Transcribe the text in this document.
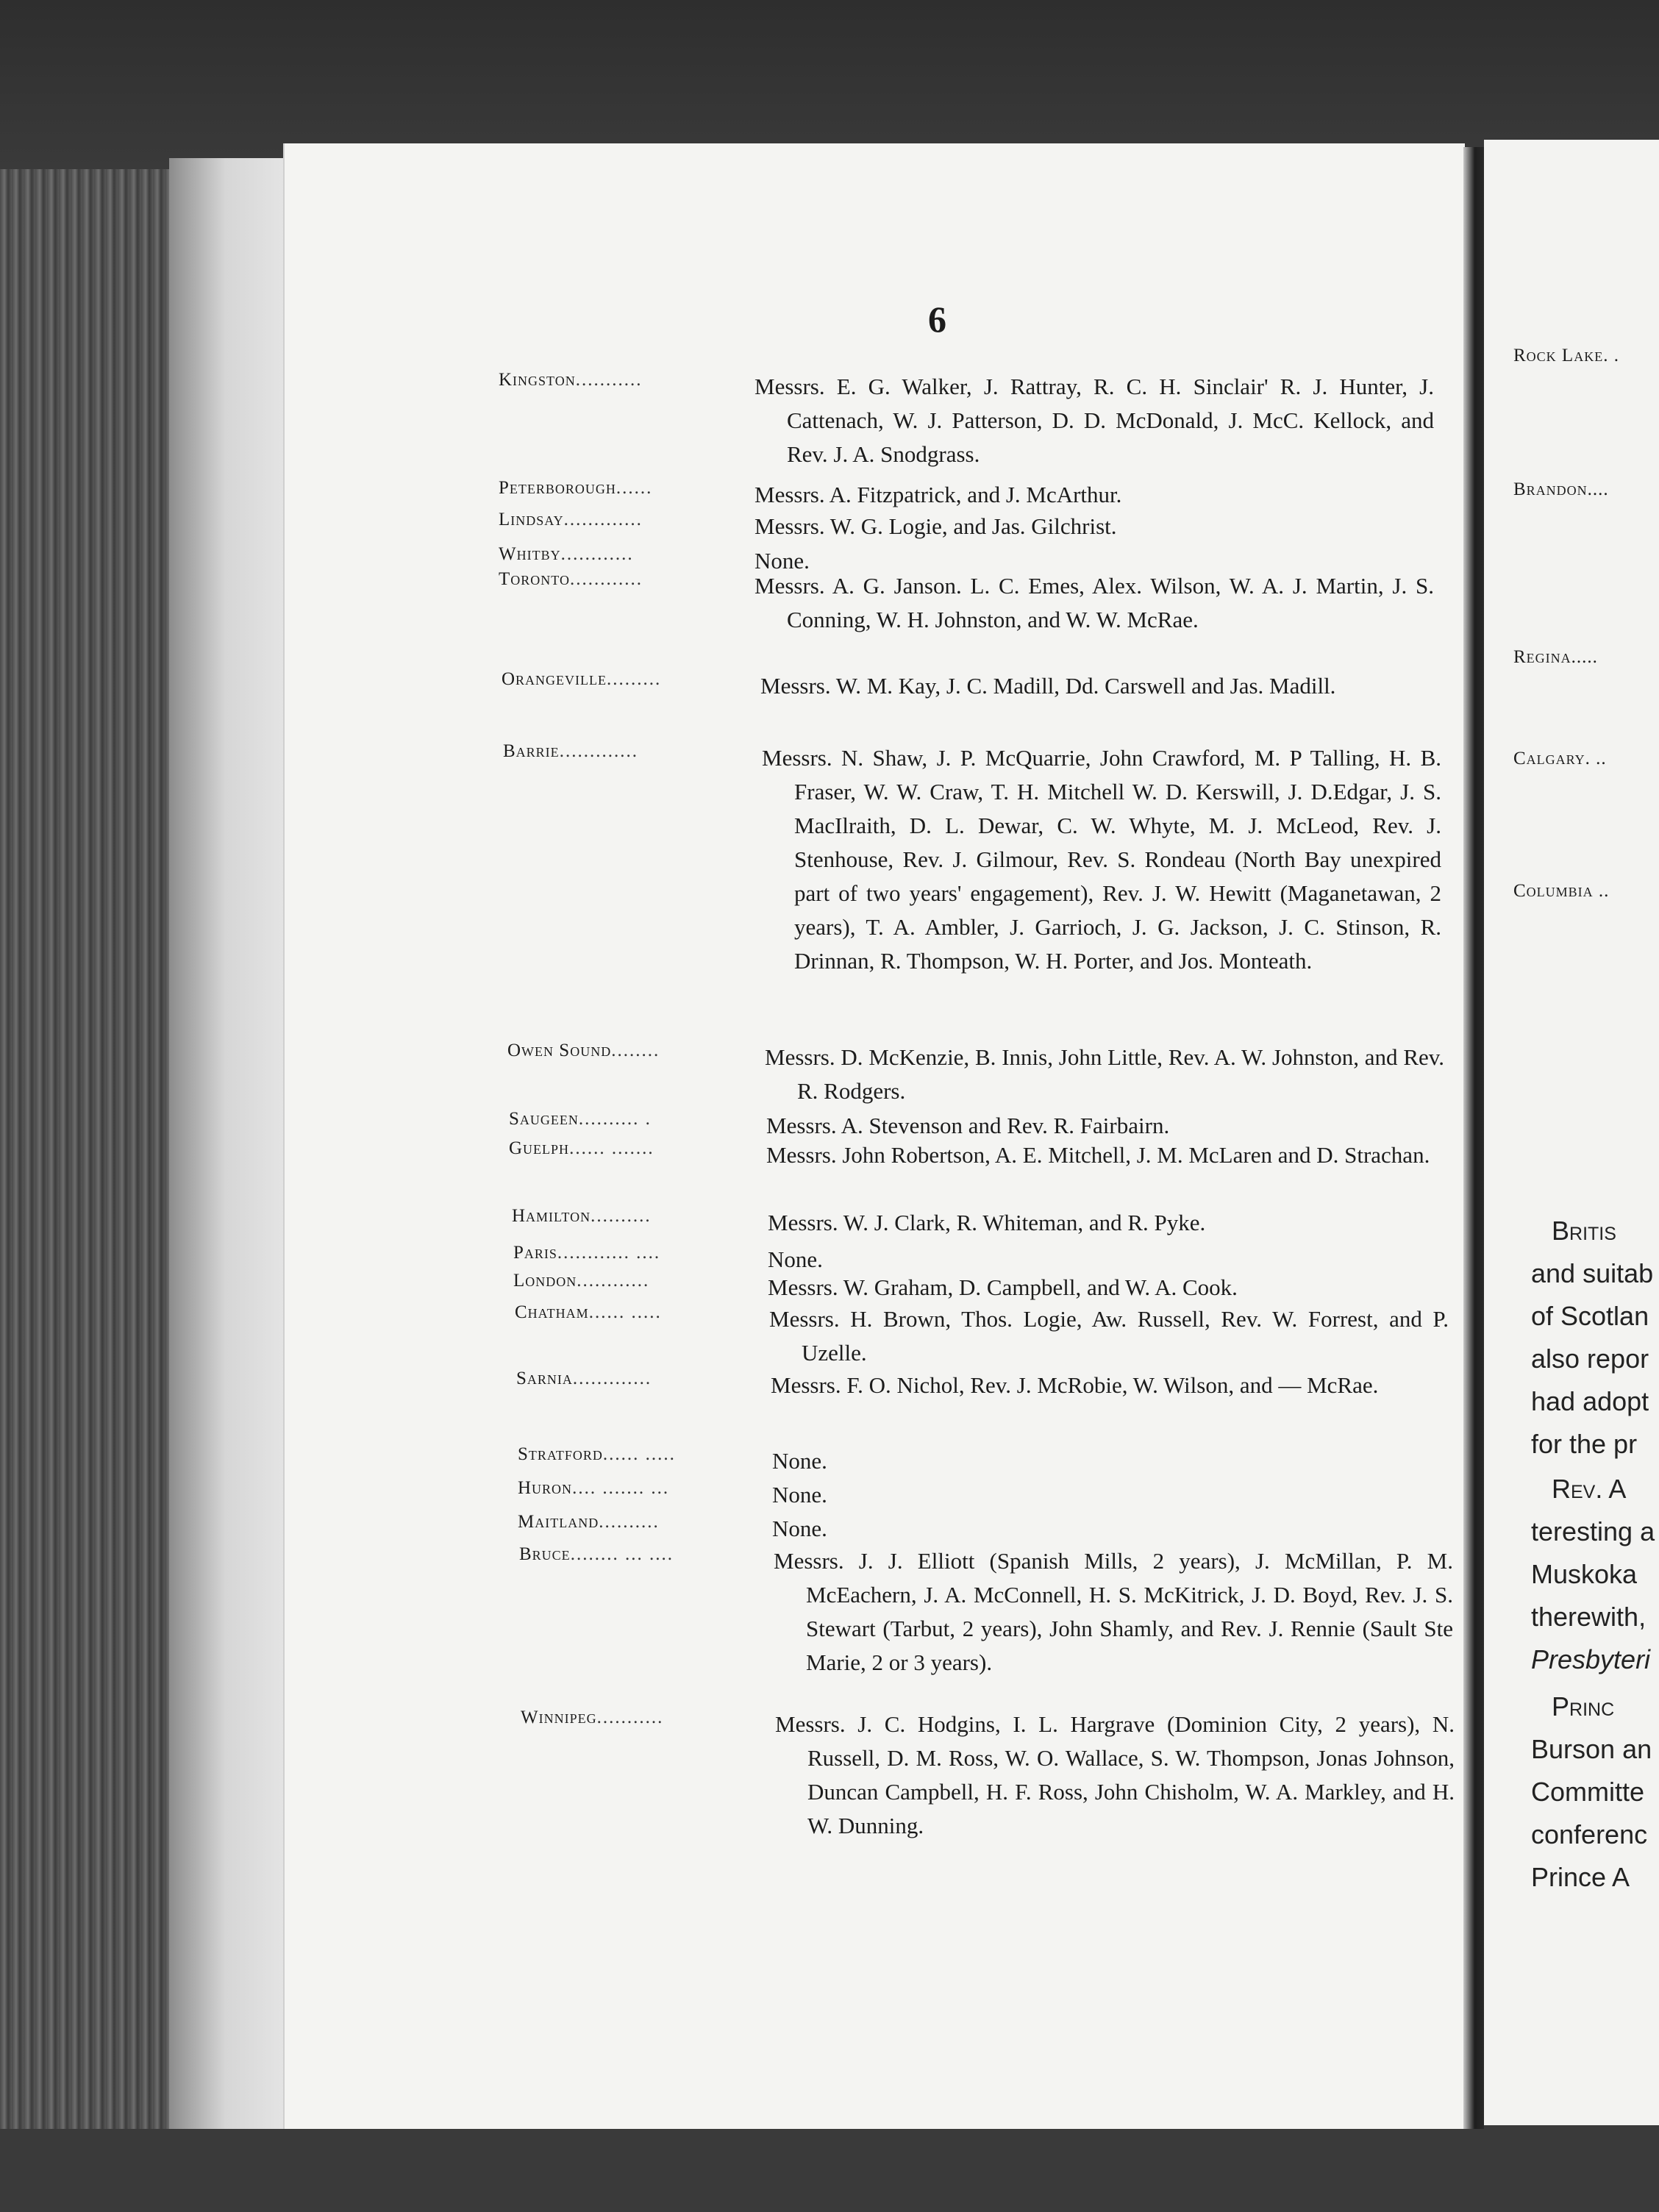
6
Kingston...........	Messrs. E. G. Walker, J. Rattray, R. C. H. Sinclair' R. J. Hunter, J. Cattenach, W. J. Patterson, D. D. McDonald, J. McC. Kellock, and Rev. J. A. Snodgrass.
Peterborough......	Messrs. A. Fitzpatrick, and J. McArthur.
Lindsay.............	Messrs. W. G. Logie, and Jas. Gilchrist.
Whitby............	None.
Toronto............	Messrs. A. G. Janson. L. C. Emes, Alex. Wilson, W. A. J. Martin, J. S. Conning, W. H. Johnston, and W. W. McRae.
Orangeville.........	Messrs. W. M. Kay, J. C. Madill, Dd. Carswell and Jas. Madill.
Barrie.............	Messrs. N. Shaw, J. P. McQuarrie, John Crawford, M. P Talling, H. B. Fraser, W. W. Craw, T. H. Mitchell W. D. Kerswill, J. D.Edgar, J. S. MacIlraith, D. L. Dewar, C. W. Whyte, M. J. McLeod, Rev. J. Stenhouse, Rev. J. Gilmour, Rev. S. Rondeau (North Bay unexpired part of two years' engagement), Rev. J. W. Hewitt (Maganetawan, 2 years), T. A. Ambler, J. Garrioch, J. G. Jackson, J. C. Stinson, R. Drinnan, R. Thompson, W. H. Porter, and Jos. Monteath.
Owen Sound........	Messrs. D. McKenzie, B. Innis, John Little, Rev. A. W. Johnston, and Rev. R. Rodgers.
Saugeen.......... .	Messrs. A. Stevenson and Rev. R. Fairbairn.
Guelph...... .......	Messrs. John Robertson, A. E. Mitchell, J. M. McLaren and D. Strachan.
Hamilton..........	Messrs. W. J. Clark, R. Whiteman, and R. Pyke.
Paris............ ....	None.
London............	Messrs. W. Graham, D. Campbell, and W. A. Cook.
Chatham...... .....	Messrs. H. Brown, Thos. Logie, Aw. Russell, Rev. W. Forrest, and P. Uzelle.
Sarnia.............	Messrs. F. O. Nichol, Rev. J. McRobie, W. Wilson, and — McRae.
Stratford...... .....	None.
Huron.... ....... ...	None.
Maitland..........	None.
Bruce........ ... ....	Messrs. J. J. Elliott (Spanish Mills, 2 years), J. McMillan, P. M. McEachern, J. A. McConnell, H. S. McKitrick, J. D. Boyd, Rev. J. S. Stewart (Tarbut, 2 years), John Shamly, and Rev. J. Rennie (Sault Ste Marie, 2 or 3 years).
Winnipeg...........	Messrs. J. C. Hodgins, I. L. Hargrave (Dominion City, 2 years), N. Russell, D. M. Ross, W. O. Wallace, S. W. Thompson, Jonas Johnson, Duncan Campbell, H. F. Ross, John Chisholm, W. A. Markley, and H. W. Dunning.
Rock Lake. .
Brandon....
Regina.....
Calgary. ..
Columbia ..
Britis
and suitab
of Scotlan
also repor
had adopt
for the pr
Rev. A
teresting a
Muskoka
therewith,
Presbyteri
Princ
Burson an
Committe
conferenc
Prince A
